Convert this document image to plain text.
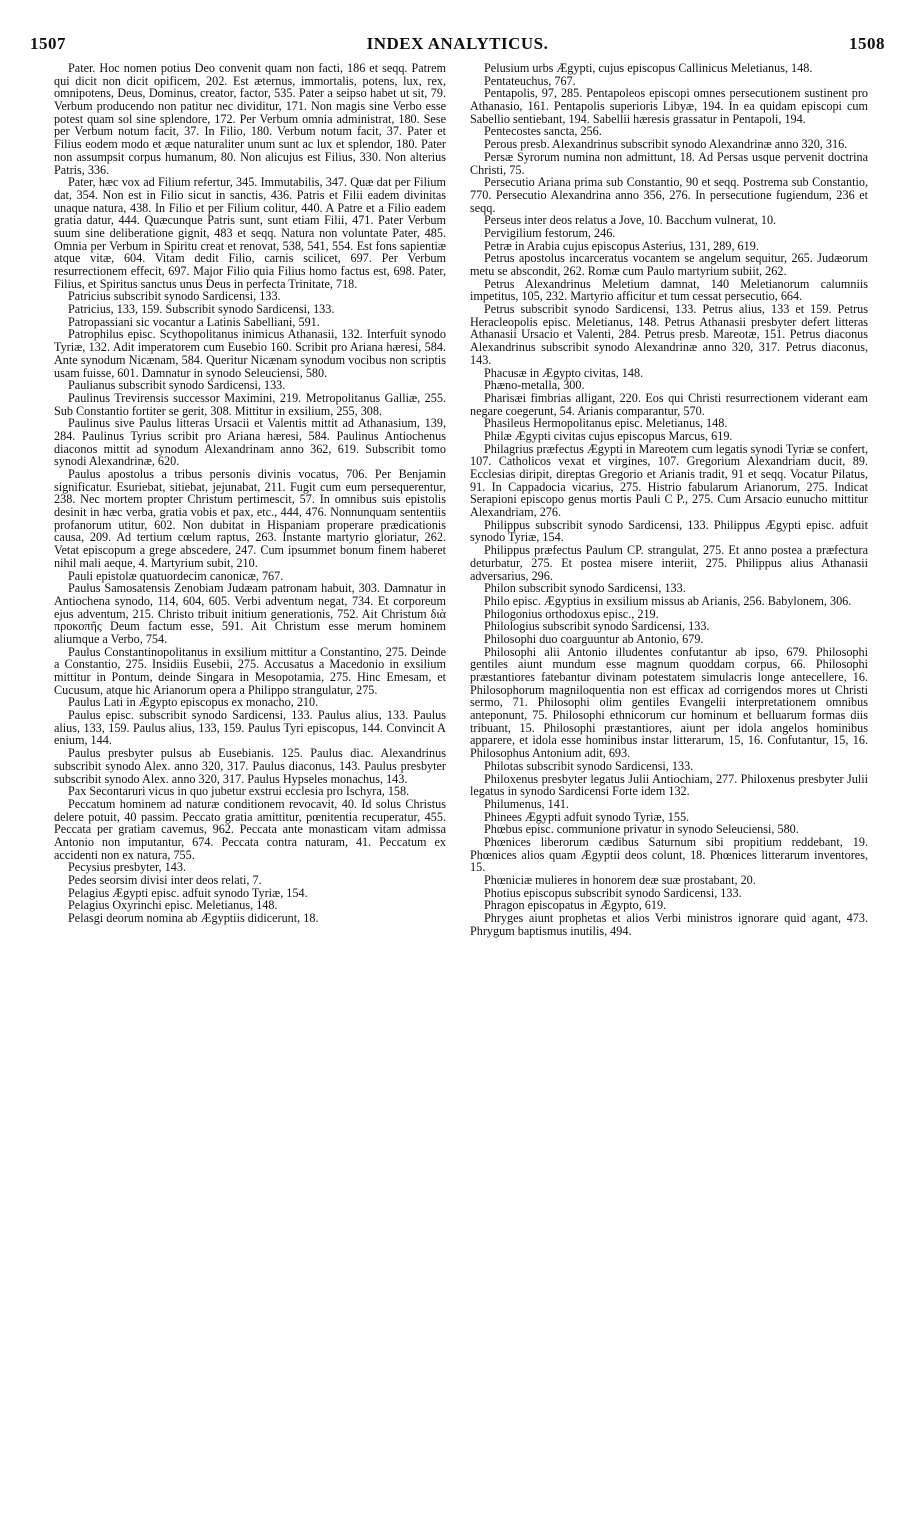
1507	INDEX ANALYTICUS.	1508

Pater. Hoc nomen potius Deo convenit quam non facti, 186 et seqq. Patrem qui dicit non dicit opificem, 202. Est æternus, immortalis, potens, lux, rex, omnipotens, Deus, Dominus, creator, factor, 535. Pater a seipso habet ut sit, 79. Verbum producendo non patitur nec dividitur, 171. Non magis sine Verbo esse potest quam sol sine splendore, 172. Per Verbum omnia administrat, 180. Sese per Verbum notum facit, 37. In Filio, 180. Verbum notum facit, 37. Pater et Filius eodem modo et æque naturaliter unum sunt ac lux et splendor, 180. Pater non assumpsit corpus humanum, 80. Non alicujus est Filius, 330. Non alterius Patris, 336.

Pater, hæc vox ad Filium refertur, 345. Immutabilis, 347. Quæ dat per Filium dat, 354. Non est in Filio sicut in sanctis, 436. Patris et Filii eadem divinitas unaque natura, 438. In Filio et per Filium colitur, 440. A Patre et a Filio eadem gratia datur, 444. Quæcunque Patris sunt, sunt etiam Filii, 471. Pater Verbum suum sine deliberatione gignit, 483 et seqq. Natura non voluntate Pater, 485. Omnia per Verbum in Spiritu creat et renovat, 538, 541, 554. Est fons sapientiæ atque vitæ, 604. Vitam dedit Filio, carnis scilicet, 697. Per Verbum resurrectionem effecit, 697. Major Filio quia Filius homo factus est, 698. Pater, Filius, et Spiritus sanctus unus Deus in perfecta Trinitate, 718.

Patricius subscribit synodo Sardicensi, 133.

Patricius, 133, 159. Subscribit synodo Sardicensi, 133.

Patropassiani sic vocantur a Latinis Sabelliani, 591.

Patrophilus episc. Scythopolitanus inimicus Athanasii, 132. Interfuit synodo Tyriæ, 132. Adit imperatorem cum Eusebio 160. Scribit pro Ariana hæresi, 584. Ante synodum Nicænam, 584. Queritur Nicænam synodum vocibus non scriptis usam fuisse, 601. Damnatur in synodo Seleuciensi, 580.

Paulianus subscribit synodo Sardicensi, 133.

Paulinus Trevirensis successor Maximini, 219. Metropolitanus Galliæ, 255. Sub Constantio fortiter se gerit, 308. Mittitur in exsilium, 255, 308.

Paulinus sive Paulus litteras Ursacii et Valentis mittit ad Athanasium, 139, 284. Paulinus Tyrius scribit pro Ariana hæresi, 584. Paulinus Antiochenus diaconos mittit ad synodum Alexandrinam anno 362, 619. Subscribit tomo synodi Alexandrinæ, 620.

Paulus apostolus a tribus personis divinis vocatus, 706. Per Benjamin significatur. Esuriebat, sitiebat, jejunabat, 211. Fugit cum eum persequerentur, 238. Nec mortem propter Christum pertimescit, 57. In omnibus suis epistolis desinit in hæc verba, gratia vobis et pax, etc., 444, 476. Nonnunquam sententiis profanorum utitur, 602. Non dubitat in Hispaniam properare prædicationis causa, 209. Ad tertium cœlum raptus, 263. Instante martyrio gloriatur, 262. Vetat episcopum a grege abscedere, 247. Cum ipsummet bonum finem haberet nihil mali aeque, 4. Martyrium subit, 210.

Pauli epistolæ quatuordecim canonicæ, 767.

Paulus Samosatensis Zenobiam Judæam patronam habuit, 303. Damnatur in Antiochena synodo, 114, 604, 605. Verbi adventum negat, 734. Et corporeum ejus adventum, 215. Christo tribuit initium generationis, 752. Ait Christum διὰ προκοπῆς Deum factum esse, 591. Ait Christum esse merum hominem aliumque a Verbo, 754.

Paulus Constantinopolitanus in exsilium mittitur a Constantino, 275. Deinde a Constantio, 275. Insidiis Eusebii, 275. Accusatus a Macedonio in exsilium mittitur in Pontum, deinde Singara in Mesopotamia, 275. Hinc Emesam, et Cucusum, atque hic Arianorum opera a Philippo strangulatur, 275.

Paulus Lati in Ægypto episcopus ex monacho, 210.

Paulus episc. subscribit synodo Sardicensi, 133. Paulus alius, 133. Paulus alius, 133, 159. Paulus alius, 133, 159. Paulus Tyri episcopus, 144. Convincit A enium, 144.

Paulus presbyter pulsus ab Eusebianis. 125. Paulus diac. Alexandrinus subscribit synodo Alex. anno 320, 317. Paulus diaconus, 143. Paulus presbyter subscribit synodo Alex. anno 320, 317. Paulus Hypseles monachus, 143.

Pax Secontaruri vicus in quo jubetur exstrui ecclesia pro Ischyra, 158.

Peccatum hominem ad naturæ conditionem revocavit, 40. Id solus Christus delere potuit, 40 passim. Peccato gratia amittitur, pœnitentia recuperatur, 455. Peccata per gratiam cavemus, 962. Peccata ante monasticam vitam admissa Antonio non imputantur, 674. Peccata contra naturam, 41. Peccatum ex accidenti non ex natura, 755.

Pecysius presbyter, 143.

Pedes seorsim divisi inter deos relati, 7.

Pelagius Ægypti episc. adfuit synodo Tyriæ, 154.

Pelagius Oxyrinchi episc. Meletianus, 148.

Pelasgi deorum nomina ab Ægyptiis didicerunt, 18.

Pelusium urbs Ægypti, cujus episcopus Callinicus Meletianus, 148.

Pentateuchus, 767.

Pentapolis, 97, 285. Pentapoleos episcopi omnes persecutionem sustinent pro Athanasio, 161. Pentapolis superioris Libyæ, 194. In ea quidam episcopi cum Sabellio sentiebant, 194. Sabellii hæresis grassatur in Pentapoli, 194.

Pentecostes sancta, 256.

Perous presb. Alexandrinus subscribit synodo Alexandrinæ anno 320, 316.

Persæ Syrorum numina non admittunt, 18. Ad Persas usque pervenit doctrina Christi, 75.

Persecutio Ariana prima sub Constantio, 90 et seqq. Postrema sub Constantio, 770. Persecutio Alexandrina anno 356, 276. In persecutione fugiendum, 236 et seqq.

Perseus inter deos relatus a Jove, 10. Bacchum vulnerat, 10.

Pervigilium festorum, 246.

Petræ in Arabia cujus episcopus Asterius, 131, 289, 619.

Petrus apostolus incarceratus vocantem se angelum sequitur, 265. Judæorum metu se abscondit, 262. Romæ cum Paulo martyrium subiit, 262.

Petrus Alexandrinus Meletium damnat, 140 Meletianorum calumniis impetitus, 105, 232. Martyrio afficitur et tum cessat persecutio, 664.

Petrus subscribit synodo Sardicensi, 133. Petrus alius, 133 et 159. Petrus Heracleopolis episc. Meletianus, 148. Petrus Athanasii presbyter defert litteras Athanasii Ursacio et Valenti, 284. Petrus presb. Mareotæ, 151. Petrus diaconus Alexandrinus subscribit synodo Alexandrinæ anno 320, 317. Petrus diaconus, 143.

Phacusæ in Ægypto civitas, 148.

Phæno-metalla, 300.

Pharisæi fimbrias alligant, 220. Eos qui Christi resurrectionem viderant eam negare coegerunt, 54. Arianis comparantur, 570.

Phasileus Hermopolitanus episc. Meletianus, 148.

Philæ Ægypti civitas cujus episcopus Marcus, 619.

Philagrius præfectus Ægypti in Mareotem cum legatis synodi Tyriæ se confert, 107. Catholicos vexat et virgines, 107. Gregorium Alexandriam ducit, 89. Ecclesias diripit, direptas Gregorio et Arianis tradit, 91 et seqq. Vocatur Pilatus, 91. In Cappadocia vicarius, 275. Histrio fabularum Arianorum, 275. Indicat Serapioni episcopo genus mortis Pauli C P., 275. Cum Arsacio eunucho mittitur Alexandriam, 276.

Philippus subscribit synodo Sardicensi, 133. Philippus Ægypti episc. adfuit synodo Tyriæ, 154.

Philippus præfectus Paulum CP. strangulat, 275. Et anno postea a præfectura deturbatur, 275. Et postea misere interiit, 275. Philippus alius Athanasii adversarius, 296.

Philon subscribit synodo Sardicensi, 133.

Philo episc. Ægyptius in exsilium missus ab Arianis, 256. Babylonem, 306.

Philogonius orthodoxus episc., 219.

Philologius subscribit synodo Sardicensi, 133.

Philosophi duo coarguuntur ab Antonio, 679.

Philosophi alii Antonio illudentes confutantur ab ipso, 679. Philosophi gentiles aiunt mundum esse magnum quoddam corpus, 66. Philosophi præstantiores fatebantur divinam potestatem simulacris longe antecellere, 16. Philosophorum magniloquentia non est efficax ad corrigendos mores ut Christi sermo, 71. Philosophi olim gentiles Evangelii interpretationem omnibus anteponunt, 75. Philosophi ethnicorum cur hominum et belluarum formas diis tribuant, 15. Philosophi præstantiores, aiunt per idola angelos hominibus apparere, et idola esse hominibus instar litterarum, 15, 16. Confutantur, 15, 16. Philosophus Antonium adit, 693.

Philotas subscribit synodo Sardicensi, 133.

Philoxenus presbyter legatus Julii Antiochiam, 277. Philoxenus presbyter Julii legatus in synodo Sardicensi Forte idem 132.

Philumenus, 141.

Phinees Ægypti adfuit synodo Tyriæ, 155.

Phœbus episc. communione privatur in synodo Seleuciensi, 580.

Phœnices liberorum cædibus Saturnum sibi propitium reddebant, 19. Phœnices alios quam Ægyptii deos colunt, 18. Phœnices litterarum inventores, 15.

Phœniciæ mulieres in honorem deæ suæ prostabant, 20.

Photius episcopus subscribit synodo Sardicensi, 133.

Phragon episcopatus in Ægypto, 619.

Phryges aiunt prophetas et alios Verbi ministros ignorare quid agant, 473. Phrygum baptismus inutilis, 494.
